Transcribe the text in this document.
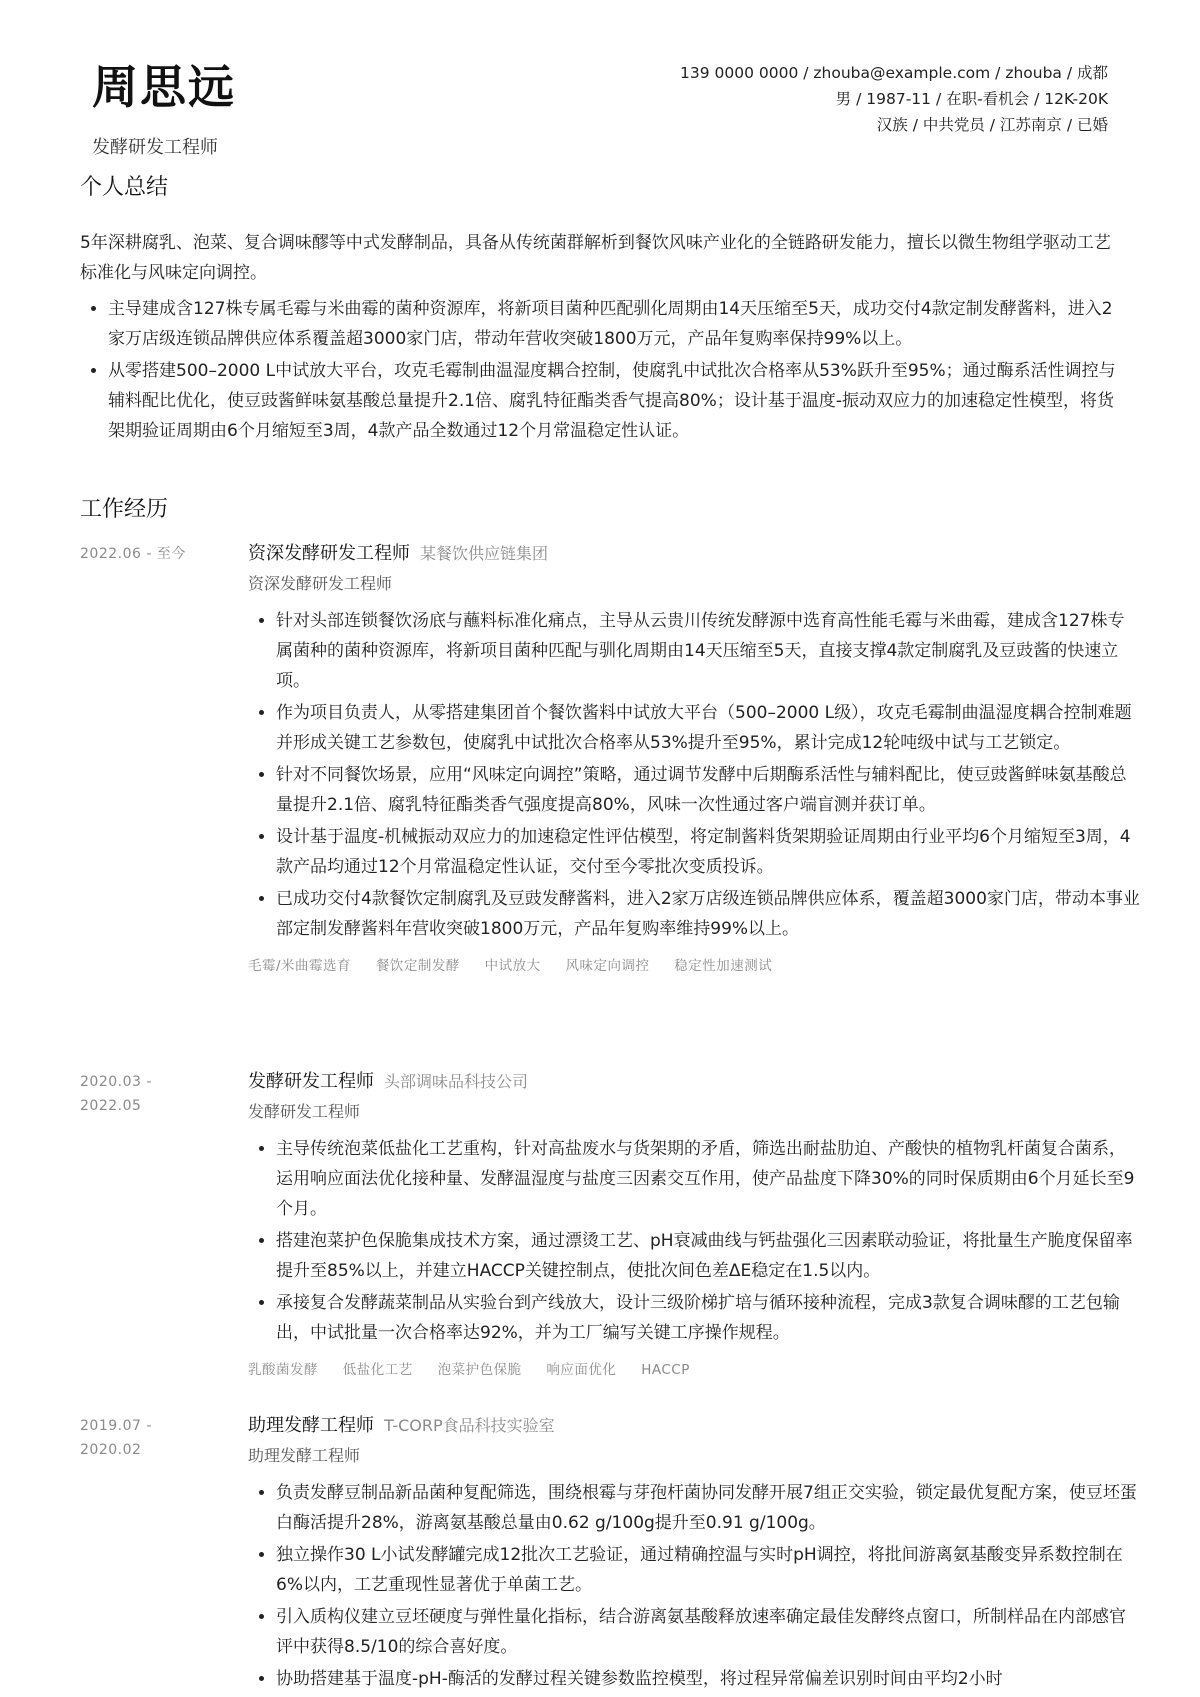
周思远
发酵研发工程师
139 0000 0000 / zhouba@example.com / zhouba / 成都
男 / 1987-11 / 在职-看机会 / 12K-20K
汉族 / 中共党员 / 江苏南京 / 已婚
个人总结

5年深耕腐乳、泡菜、复合调味醪等中式发酵制品，具备从传统菌群解析到餐饮风味产业化的全链路研发能力，擅长以微生物组学驱动工艺标准化与风味定向调控。

• 主导建成含127株专属毛霉与米曲霉的菌种资源库，将新项目菌种匹配驯化周期由14天压缩至5天，成功交付4款定制发酵酱料，进入2家万店级连锁品牌供应体系覆盖超3000家门店，带动年营收突破1800万元，产品年复购率保持99%以上。
• 从零搭建500–2000 L中试放大平台，攻克毛霉制曲温湿度耦合控制，使腐乳中试批次合格率从53%跃升至95%；通过酶系活性调控与辅料配比优化，使豆豉酱鲜味氨基酸总量提升2.1倍、腐乳特征酯类香气提高80%；设计基于温度-振动双应力的加速稳定性模型，将货架期验证周期由6个月缩短至3周，4款产品全数通过12个月常温稳定性认证。
工作经历
2022.06 - 至今	资深发酵研发工程师 某餐饮供应链集团
资深发酵研发工程师
• 针对头部连锁餐饮汤底与蘸料标准化痛点，主导从云贵川传统发酵源中选育高性能毛霉与米曲霉，建成含127株专属菌种的菌种资源库，将新项目菌种匹配与驯化周期由14天压缩至5天，直接支撑4款定制腐乳及豆豉酱的快速立项。
• 作为项目负责人，从零搭建集团首个餐饮酱料中试放大平台（500–2000 L级），攻克毛霉制曲温湿度耦合控制难题并形成关键工艺参数包，使腐乳中试批次合格率从53%提升至95%，累计完成12轮吨级中试与工艺锁定。
• 针对不同餐饮场景，应用“风味定向调控”策略，通过调节发酵中后期酶系活性与辅料配比，使豆豉酱鲜味氨基酸总量提升2.1倍、腐乳特征酯类香气强度提高80%，风味一次性通过客户端盲测并获订单。
• 设计基于温度-机械振动双应力的加速稳定性评估模型，将定制酱料货架期验证周期由行业平均6个月缩短至3周，4款产品均通过12个月常温稳定性认证，交付至今零批次变质投诉。
• 已成功交付4款餐饮定制腐乳及豆豉发酵酱料，进入2家万店级连锁品牌供应体系，覆盖超3000家门店，带动本事业部定制发酵酱料年营收突破1800万元，产品年复购率维持99%以上。
毛霉/米曲霉选育 餐饮定制发酵 中试放大 风味定向调控 稳定性加速测试
2020.03 - 2022.05
发酵研发工程师 头部调味品科技公司
发酵研发工程师
• 主导传统泡菜低盐化工艺重构，针对高盐废水与货架期的矛盾，筛选出耐盐肋迫、产酸快的植物乳杆菌复合菌系，运用响应面法优化接种量、发酵温湿度与盐度三因素交互作用，使产品盐度下降30%的同时保质期由6个月延长至9个月。
• 搭建泡菜护色保脆集成技术方案，通过漂烫工艺、pH衰减曲线与钙盐强化三因素联动验证，将批量生产脆度保留率提升至85%以上，并建立HACCP关键控制点，使批次间色差ΔE稳定在1.5以内。
• 承接复合发酵蔬菜制品从实验台到产线放大，设计三级阶梯扩培与循环接种流程，完成3款复合调味醪的工艺包输出，中试批量一次合格率达92%，并为工厂编写关键工序操作规程。
乳酸菌发酵 低盐化工艺 泡菜护色保脆 响应面优化 HACCP
2019.07 - 2020.02
助理发酵工程师 T-CORP食品科技实验室
助理发酵工程师
• 负责发酵豆制品新品菌种复配筛选，围绕根霉与芽孢杆菌协同发酵开展7组正交实验，锁定最优复配方案，使豆坯蛋白酶活提升28%，游离氨基酸总量由0.62 g/100g提升至0.91 g/100g。
• 独立操作30 L小试发酵罐完成12批次工艺验证，通过精确控温与实时pH调控，将批间游离氨基酸变异系数控制在6%以内，工艺重现性显著优于单菌工艺。
• 引入质构仪建立豆坯硬度与弹性量化指标，结合游离氨基酸释放速率确定最佳发酵终点窗口，所制样品在内部感官评中获得8.5/10的综合喜好度。
• 协助搭建基于温度-pH-酶活的发酵过程关键参数监控模型，将过程异常偏差识别时间由平均2小时
